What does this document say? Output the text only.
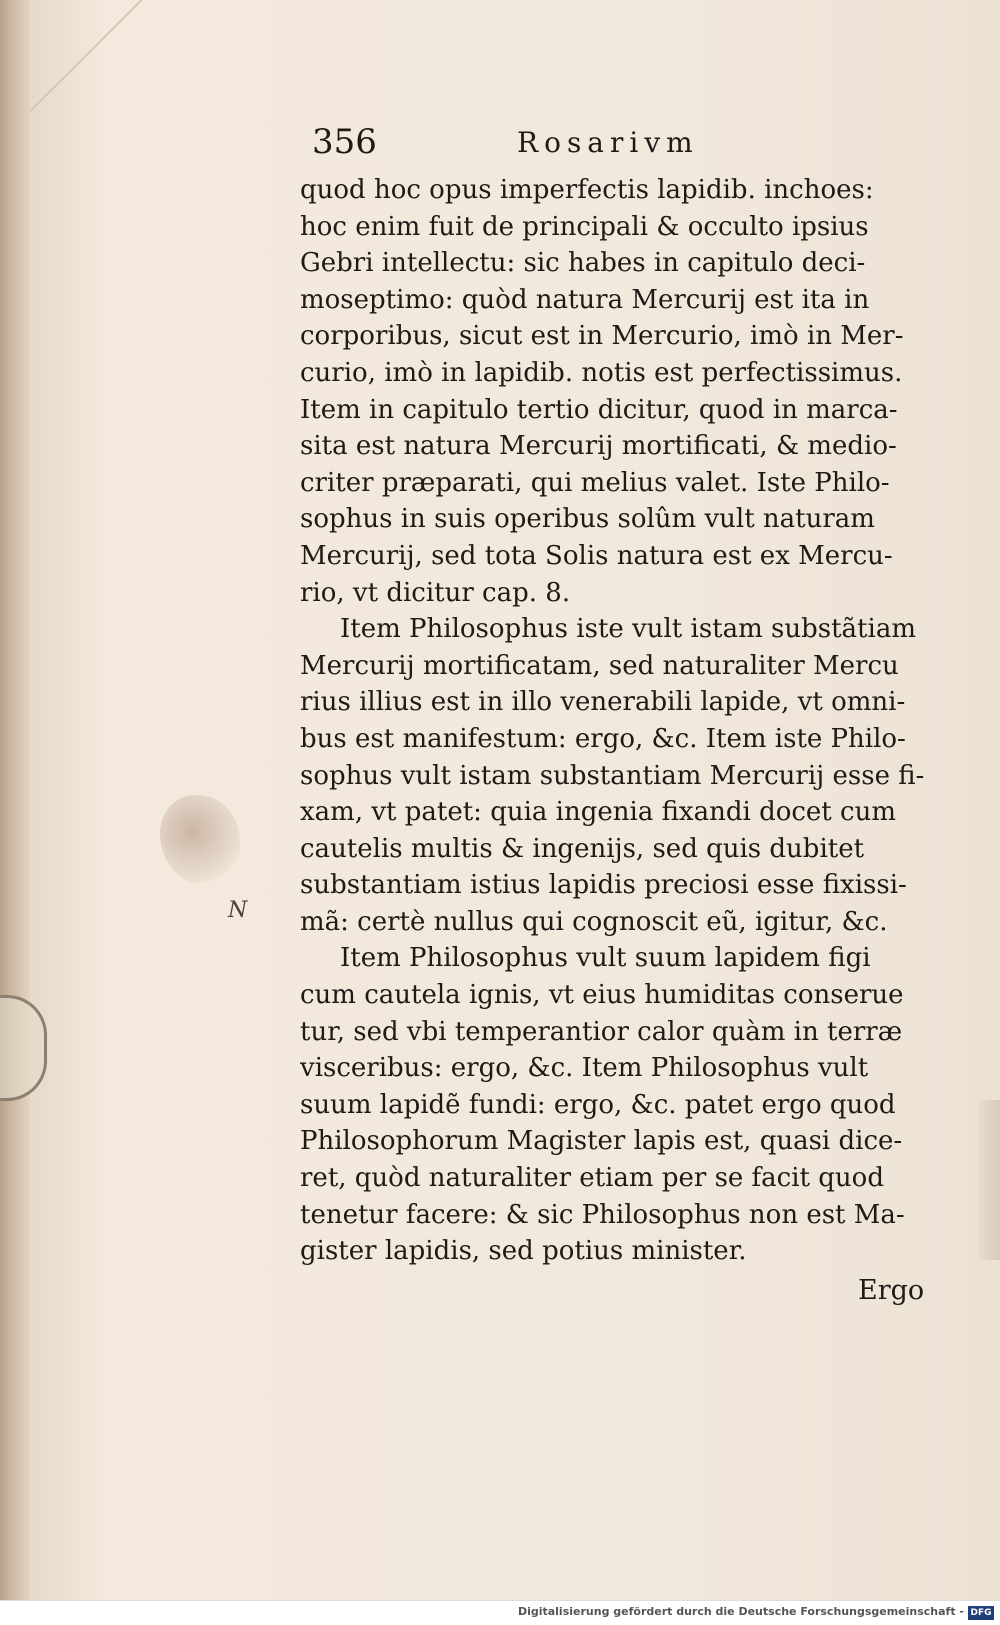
N
356	Rosarivm
quod hoc opus imperfectis lapidib. inchoes:
hoc enim fuit de principali & occulto ipsius
Gebri intellectu: sic habes in capitulo deci-
moseptimo: quòd natura Mercurij est ita in
corporibus, sicut est in Mercurio, imò in Mer-
curio, imò in lapidib. notis est perfectissimus.
Item in capitulo tertio dicitur, quod in marca-
sita est natura Mercurij mortificati, & medio-
criter præparati, qui melius valet. Iste Philo-
sophus in suis operibus solûm vult naturam
Mercurij, sed tota Solis natura est ex Mercu-
rio, vt dicitur cap. 8.
Item Philosophus iste vult istam substãtiam
Mercurij mortificatam, sed naturaliter Mercu
rius illius est in illo venerabili lapide, vt omni-
bus est manifestum: ergo, &c. Item iste Philo-
sophus vult istam substantiam Mercurij esse fi-
xam, vt patet: quia ingenia fixandi docet cum
cautelis multis & ingenijs, sed quis dubitet
substantiam istius lapidis preciosi esse fixissi-
mã: certè nullus qui cognoscit eũ, igitur, &c.
Item Philosophus vult suum lapidem figi
cum cautela ignis, vt eius humiditas conserue
tur, sed vbi temperantior calor quàm in terræ
visceribus: ergo, &c. Item Philosophus vult
suum lapidẽ fundi: ergo, &c. patet ergo quod
Philosophorum Magister lapis est, quasi dice-
ret, quòd naturaliter etiam per se facit quod
tenetur facere: & sic Philosophus non est Ma-
gister lapidis, sed potius minister.
Ergo
Digitalisierung gefördert durch die Deutsche Forschungsgemeinschaft - DFG
